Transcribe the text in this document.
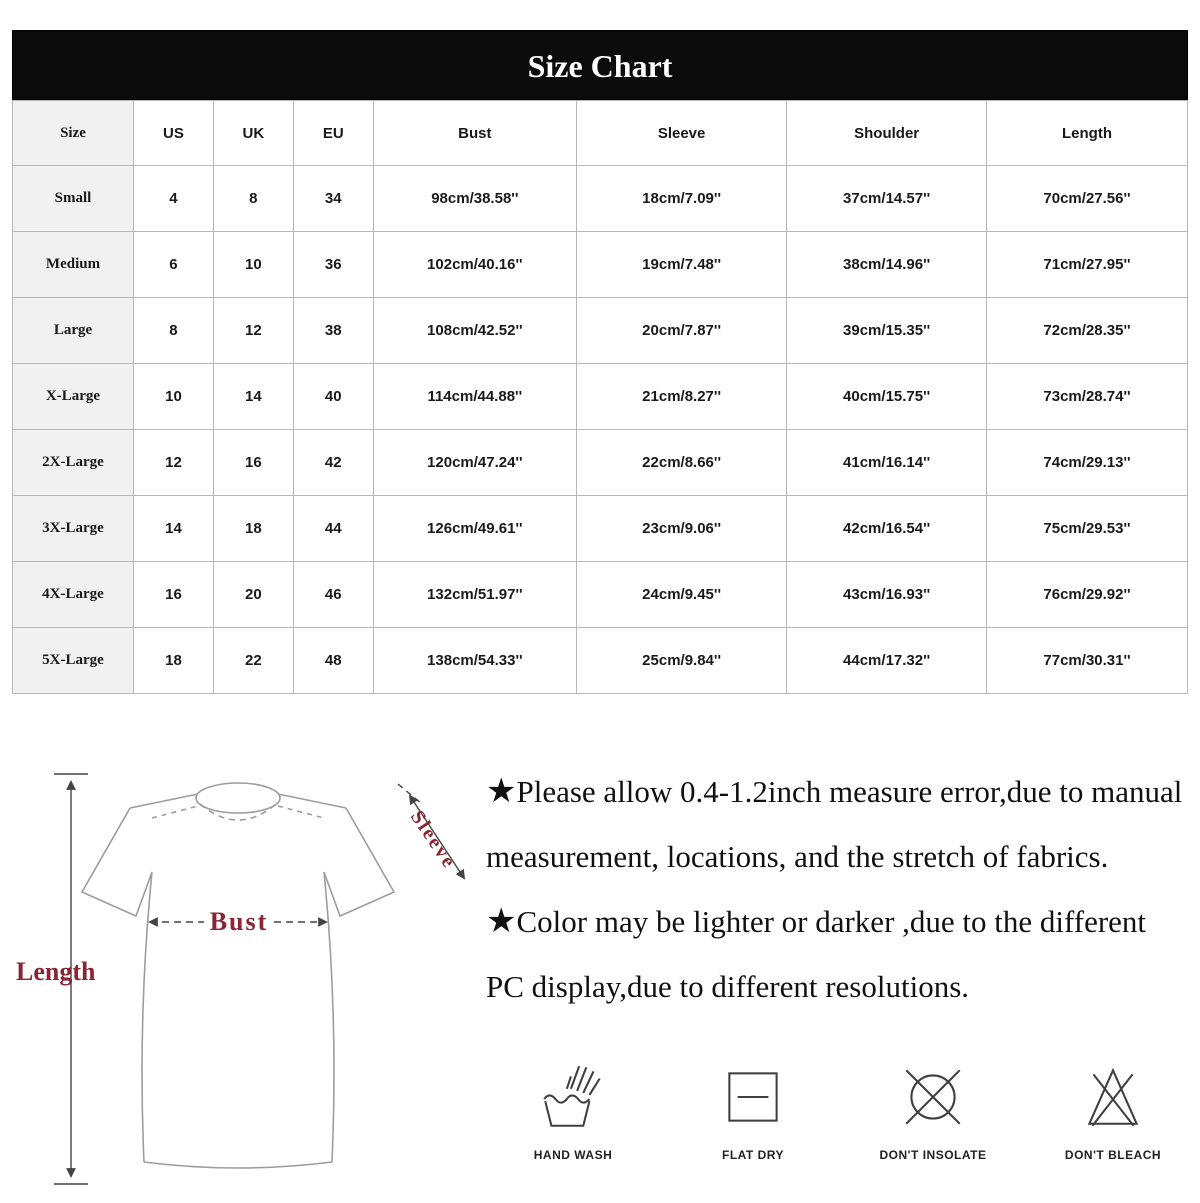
Size Chart
Size	US	UK	EU	Bust	Sleeve	Shoulder	Length
Small	4	8	34	98cm/38.58''	18cm/7.09''	37cm/14.57''	70cm/27.56''
Medium	6	10	36	102cm/40.16''	19cm/7.48''	38cm/14.96''	71cm/27.95''
Large	8	12	38	108cm/42.52''	20cm/7.87''	39cm/15.35''	72cm/28.35''
X-Large	10	14	40	114cm/44.88''	21cm/8.27''	40cm/15.75''	73cm/28.74''
2X-Large	12	16	42	120cm/47.24''	22cm/8.66''	41cm/16.14''	74cm/29.13''
3X-Large	14	18	44	126cm/49.61''	23cm/9.06''	42cm/16.54''	75cm/29.53''
4X-Large	16	20	46	132cm/51.97''	24cm/9.45''	43cm/16.93''	76cm/29.92''
5X-Large	18	22	48	138cm/54.33''	25cm/9.84''	44cm/17.32''	77cm/30.31''
Length
Bust
Sleeve

★Please allow 0.4-1.2inch measure error,due to manual measurement, locations, and the stretch of fabrics.

★Color may be lighter or darker ,due to the different PC display,due to different resolutions.

HAND WASH	FLAT DRY	DON'T INSOLATE	DON'T BLEACH
